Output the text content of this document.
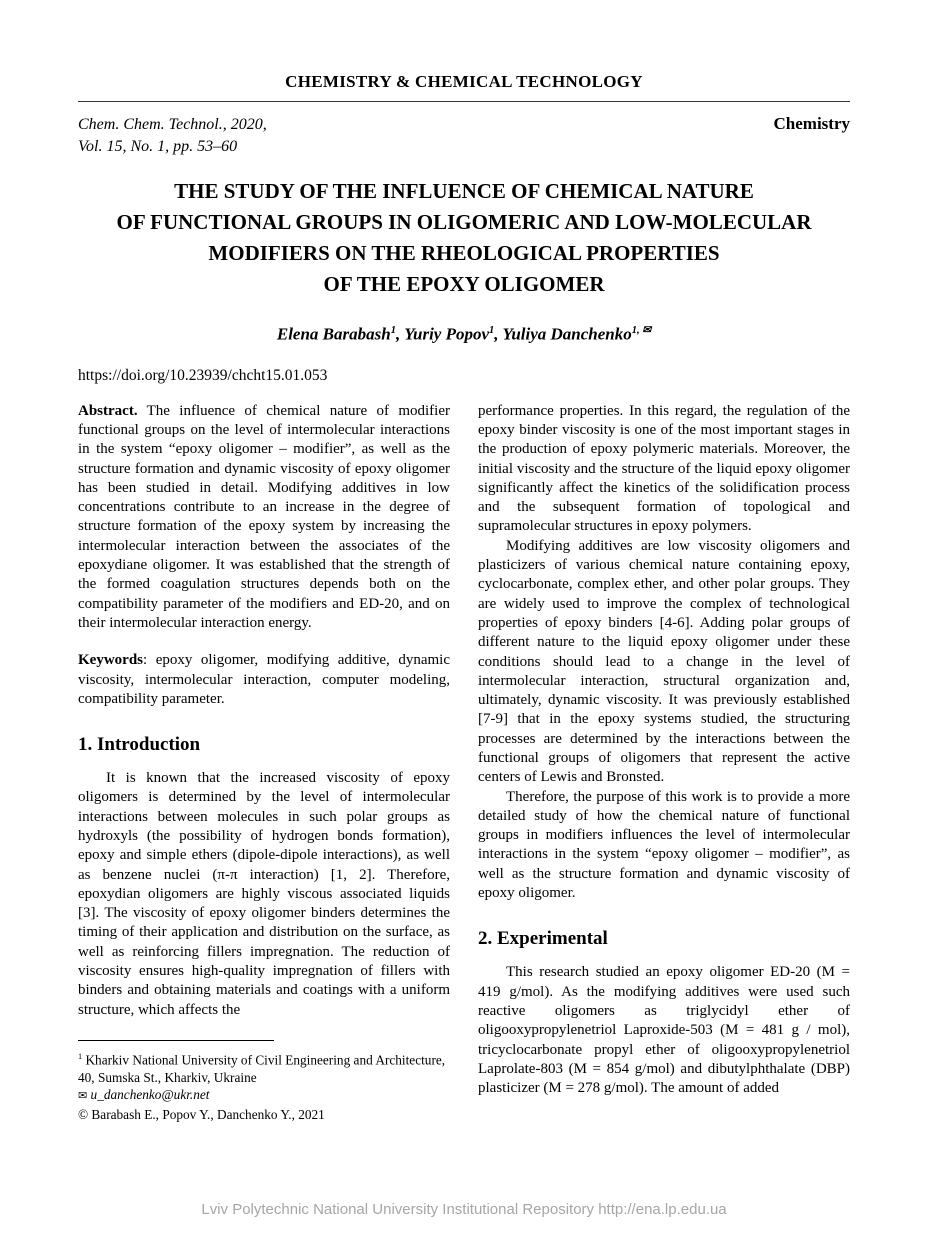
CHEMISTRY & CHEMICAL TECHNOLOGY
Chem. Chem. Technol., 2020,
Vol. 15, No. 1, pp. 53–60
Chemistry
THE STUDY OF THE INFLUENCE OF CHEMICAL NATURE
OF FUNCTIONAL GROUPS IN OLIGOMERIC AND LOW-MOLECULAR
MODIFIERS ON THE RHEOLOGICAL PROPERTIES
OF THE EPOXY OLIGOMER
Elena Barabash$^1$, Yuriy Popov$^1$, Yuliya Danchenko$^{1, ✉}$
https://doi.org/10.23939/chcht15.01.053

Abstract. The influence of chemical nature of modifier functional groups on the level of intermolecular interactions in the system “epoxy oligomer – modifier”, as well as the structure formation and dynamic viscosity of epoxy oligomer has been studied in detail. Modifying additives in low concentrations contribute to an increase in the degree of structure formation of the epoxy system by increasing the intermolecular interaction between the associates of the epoxydiane oligomer. It was established that the strength of the formed coagulation structures depends both on the compatibility parameter of the modifiers and ED-20, and on their intermolecular interaction energy.

Keywords: epoxy oligomer, modifying additive, dynamic viscosity, intermolecular interaction, computer modeling, compatibility parameter.

1. Introduction

It is known that the increased viscosity of epoxy oligomers is determined by the level of intermolecular interactions between molecules in such polar groups as hydroxyls (the possibility of hydrogen bonds formation), epoxy and simple ethers (dipole-dipole interactions), as well as benzene nuclei (π-π interaction) [1, 2]. Therefore, epoxydian oligomers are highly viscous associated liquids [3]. The viscosity of epoxy oligomer binders determines the timing of their application and distribution on the surface, as well as reinforcing fillers impregnation. The reduction of viscosity ensures high-quality impregnation of fillers with binders and obtaining materials and coatings with a uniform structure, which affects the

$^1$ Kharkiv National University of Civil Engineering and Architecture, 40, Sumska St., Kharkiv, Ukraine
✉ u_danchenko@ukr.net
© Barabash E., Popov Y., Danchenko Y., 2021

performance properties. In this regard, the regulation of the epoxy binder viscosity is one of the most important stages in the production of epoxy polymeric materials. Moreover, the initial viscosity and the structure of the liquid epoxy oligomer significantly affect the kinetics of the solidification process and the subsequent formation of topological and supramolecular structures in epoxy polymers.

Modifying additives are low viscosity oligomers and plasticizers of various chemical nature containing epoxy, cyclocarbonate, complex ether, and other polar groups. They are widely used to improve the complex of technological properties of epoxy binders [4-6]. Adding polar groups of different nature to the liquid epoxy oligomer under these conditions should lead to a change in the level of intermolecular interaction, structural organization and, ultimately, dynamic viscosity. It was previously established [7-9] that in the epoxy systems studied, the structuring processes are determined by the interactions between the functional groups of oligomers that represent the active centers of Lewis and Bronsted.

Therefore, the purpose of this work is to provide a more detailed study of how the chemical nature of functional groups in modifiers influences the level of intermolecular interactions in the system “epoxy oligomer – modifier”, as well as the structure formation and dynamic viscosity of epoxy oligomer.

2. Experimental

This research studied an epoxy oligomer ED-20 (M = 419 g/mol). As the modifying additives were used such reactive oligomers as triglycidyl ether of oligooxypropylenetriol Laproxide-503 (M = 481 g / mol), tricyclocarbonate propyl ether of oligooxypropylenetriol Laprolate-803 (M = 854 g/mol) and dibutylphthalate (DBP) plasticizer (M = 278 g/mol). The amount of added

Lviv Polytechnic National University Institutional Repository http://ena.lp.edu.ua
